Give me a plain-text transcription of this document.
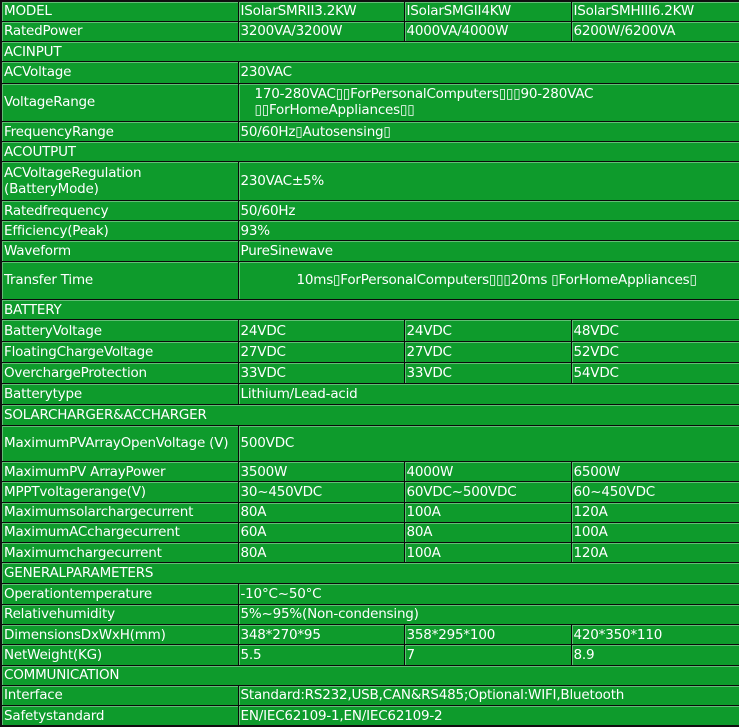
MODEL	ISolarSMRII3.2KW	ISolarSMGII4KW	ISolarSMHIII6.2KW
RatedPower	3200VA/3200W	4000VA/4000W	6200W/6200VA
ACINPUT			
ACVoltage	230VAC		
VoltageRange	170-280VAC▯▯ForPersonalComputers▯▯▯90-280VAC ▯▯ForHomeAppliances▯▯		
FrequencyRange	50/60Hz▯Autosensing▯		
ACOUTPUT			
ACVoltageRegulation (BatteryMode)	230VAC±5%		
Ratedfrequency	50/60Hz		
Efficiency(Peak)	93%		
Waveform	PureSinewave		
Transfer Time	10ms▯ForPersonalComputers▯▯▯20ms ▯ForHomeAppliances▯		
BATTERY			
BatteryVoltage	24VDC	24VDC	48VDC
FloatingChargeVoltage	27VDC	27VDC	52VDC
OverchargeProtection	33VDC	33VDC	54VDC
Batterytype	Lithium/Lead-acid		
SOLARCHARGER&ACCHARGER			
MaximumPVArrayOpenVoltage (V)	500VDC		
MaximumPV ArrayPower	3500W	4000W	6500W
MPPTvoltagerange(V)	30~450VDC	60VDC~500VDC	60~450VDC
Maximumsolarchargecurrent	80A	100A	120A
MaximumACchargecurrent	60A	80A	100A
Maximumchargecurrent	80A	100A	120A
GENERALPARAMETERS			
Operationtemperature	-10°C~50°C		
Relativehumidity	5%~95%(Non-condensing)		
DimensionsDxWxH(mm)	348*270*95	358*295*100	420*350*110
NetWeight(KG)	5.5	7	8.9
COMMUNICATION			
Interface	Standard:RS232,USB,CAN&RS485;Optional:WIFI,Bluetooth		
Safetystandard	EN/IEC62109-1,EN/IEC62109-2		
